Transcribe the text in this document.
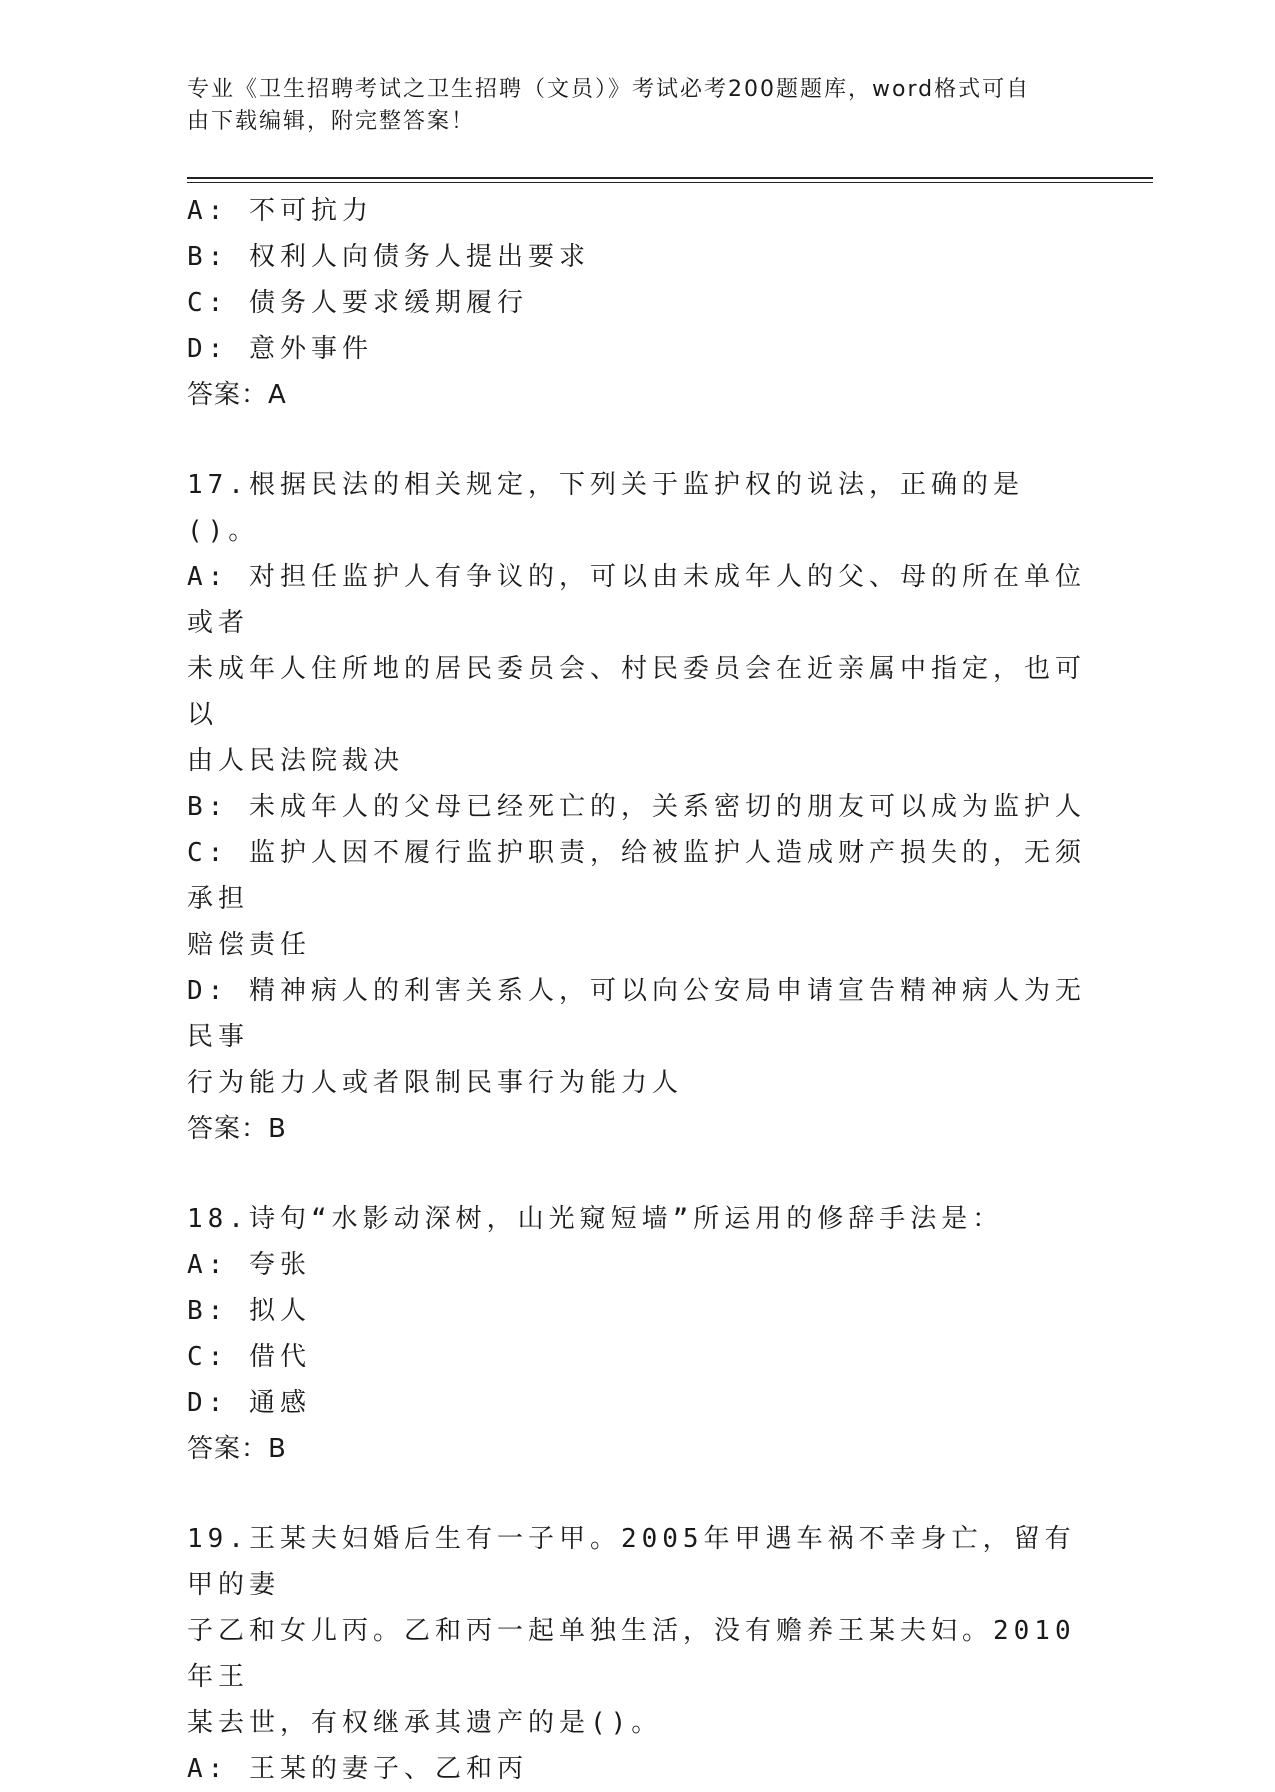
专业《卫生招聘考试之卫生招聘（文员）》考试必考200题题库，word格式可自
由下载编辑，附完整答案！

A: 不可抗力

B: 权利人向债务人提出要求

C: 债务人要求缓期履行

D: 意外事件

答案：A

17.根据民法的相关规定，下列关于监护权的说法，正确的是()。

A: 对担任监护人有争议的，可以由未成年人的父、母的所在单位或者

未成年人住所地的居民委员会、村民委员会在近亲属中指定，也可以

由人民法院裁决

B: 未成年人的父母已经死亡的，关系密切的朋友可以成为监护人

C: 监护人因不履行监护职责，给被监护人造成财产损失的，无须承担

赔偿责任

D: 精神病人的利害关系人，可以向公安局申请宣告精神病人为无民事

行为能力人或者限制民事行为能力人

答案：B

18.诗句“水影动深树，山光窥短墙”所运用的修辞手法是：

A: 夸张

B: 拟人

C: 借代

D: 通感

答案：B

19.王某夫妇婚后生有一子甲。2005年甲遇车祸不幸身亡，留有甲的妻

子乙和女儿丙。乙和丙一起单独生活，没有赡养王某夫妇。2010年王

某去世，有权继承其遗产的是()。

A: 王某的妻子、乙和丙
